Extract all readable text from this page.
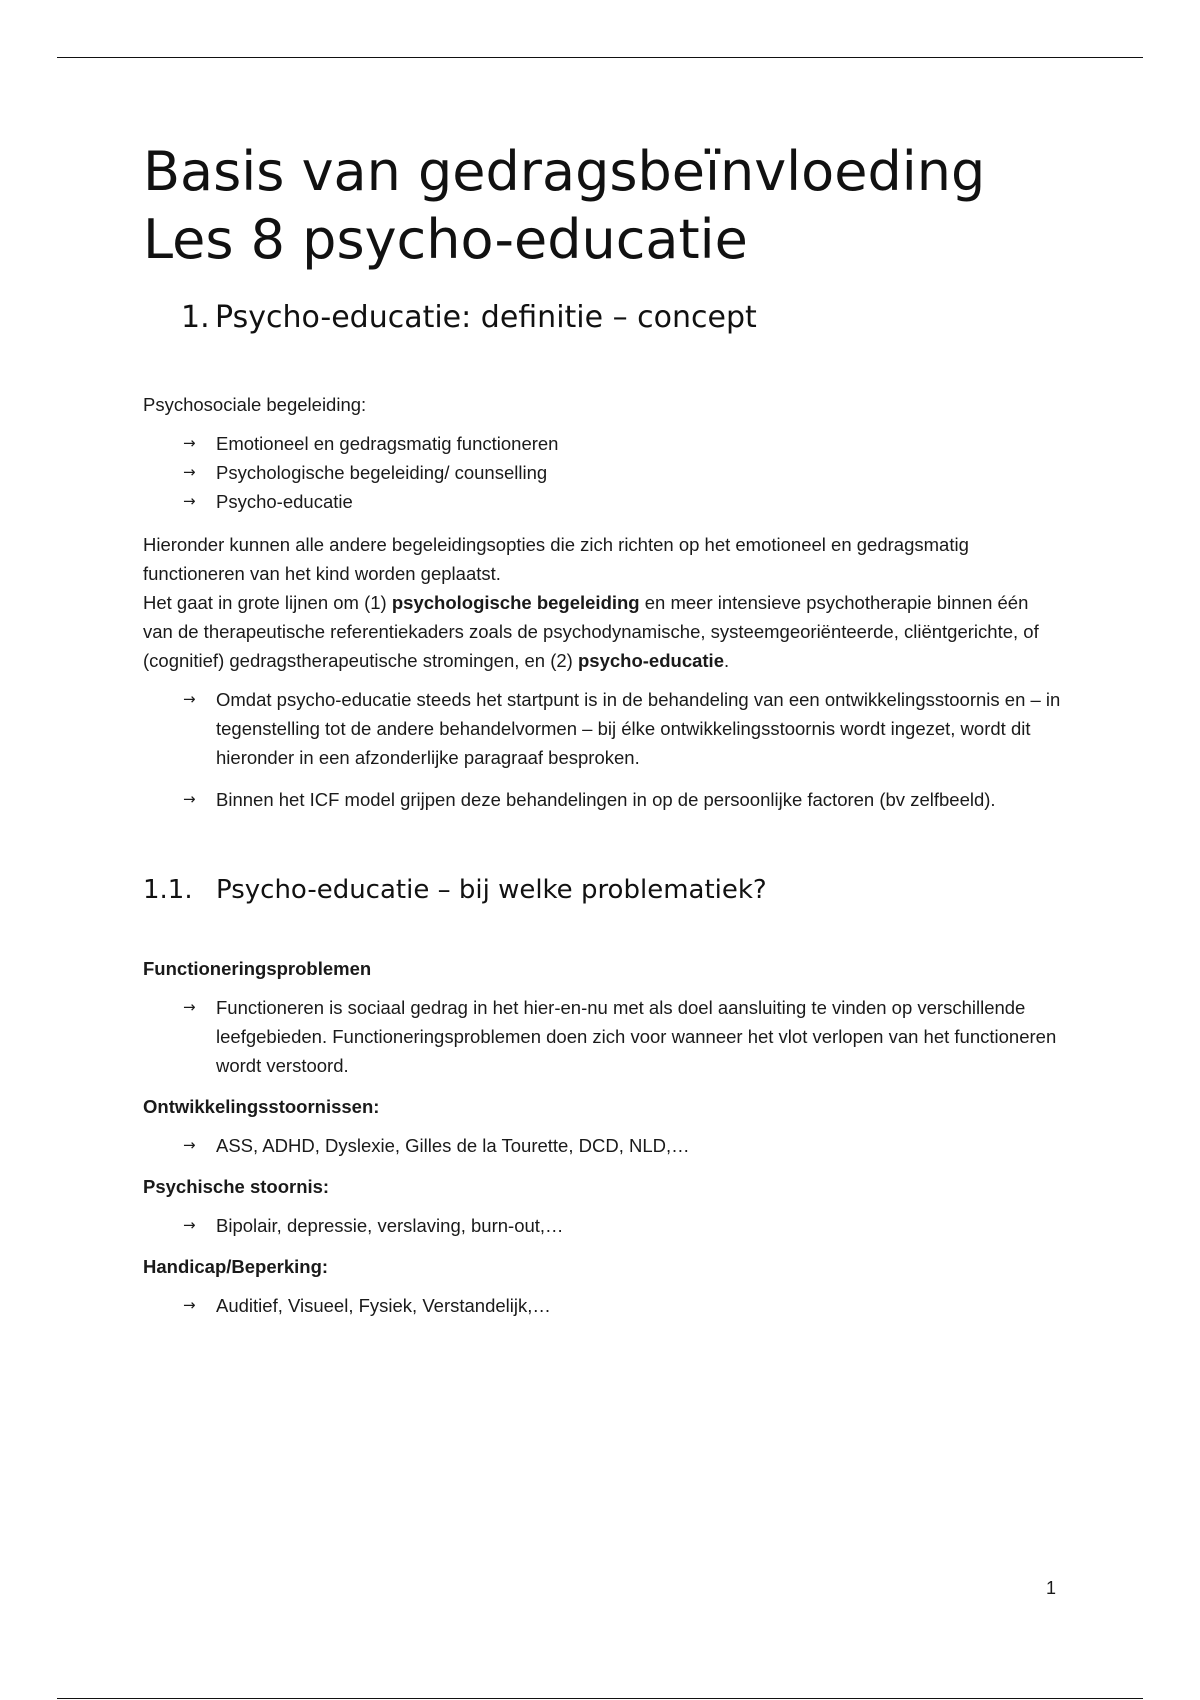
Basis van gedragsbeïnvloeding
Les 8 psycho-educatie
1. Psycho-educatie: definitie – concept

Psychosociale begeleiding:

→ Emotioneel en gedragsmatig functioneren
→ Psychologische begeleiding/ counselling
→ Psycho-educatie

Hieronder kunnen alle andere begeleidingsopties die zich richten op het emotioneel en gedragsmatig functioneren van het kind worden geplaatst.

Het gaat in grote lijnen om (1) psychologische begeleiding en meer intensieve psychotherapie binnen één van de therapeutische referentiekaders zoals de psychodynamische, systeemgeoriënteerde, cliëntgerichte, of (cognitief) gedragstherapeutische stromingen, en (2) psycho-educatie.

→ Omdat psycho-educatie steeds het startpunt is in de behandeling van een ontwikkelingsstoornis en – in tegenstelling tot de andere behandelvormen – bij élke ontwikkelingsstoornis wordt ingezet, wordt dit hieronder in een afzonderlijke paragraaf besproken.
→ Binnen het ICF model grijpen deze behandelingen in op de persoonlijke factoren (bv zelfbeeld).
1.1. Psycho-educatie – bij welke problematiek?

Functioneringsproblemen

→ Functioneren is sociaal gedrag in het hier-en-nu met als doel aansluiting te vinden op verschillende leefgebieden. Functioneringsproblemen doen zich voor wanneer het vlot verlopen van het functioneren wordt verstoord.

Ontwikkelingsstoornissen:

→ ASS, ADHD, Dyslexie, Gilles de la Tourette, DCD, NLD,…

Psychische stoornis:

→ Bipolair, depressie, verslaving, burn-out,…

Handicap/Beperking:

→ Auditief, Visueel, Fysiek, Verstandelijk,…
1
